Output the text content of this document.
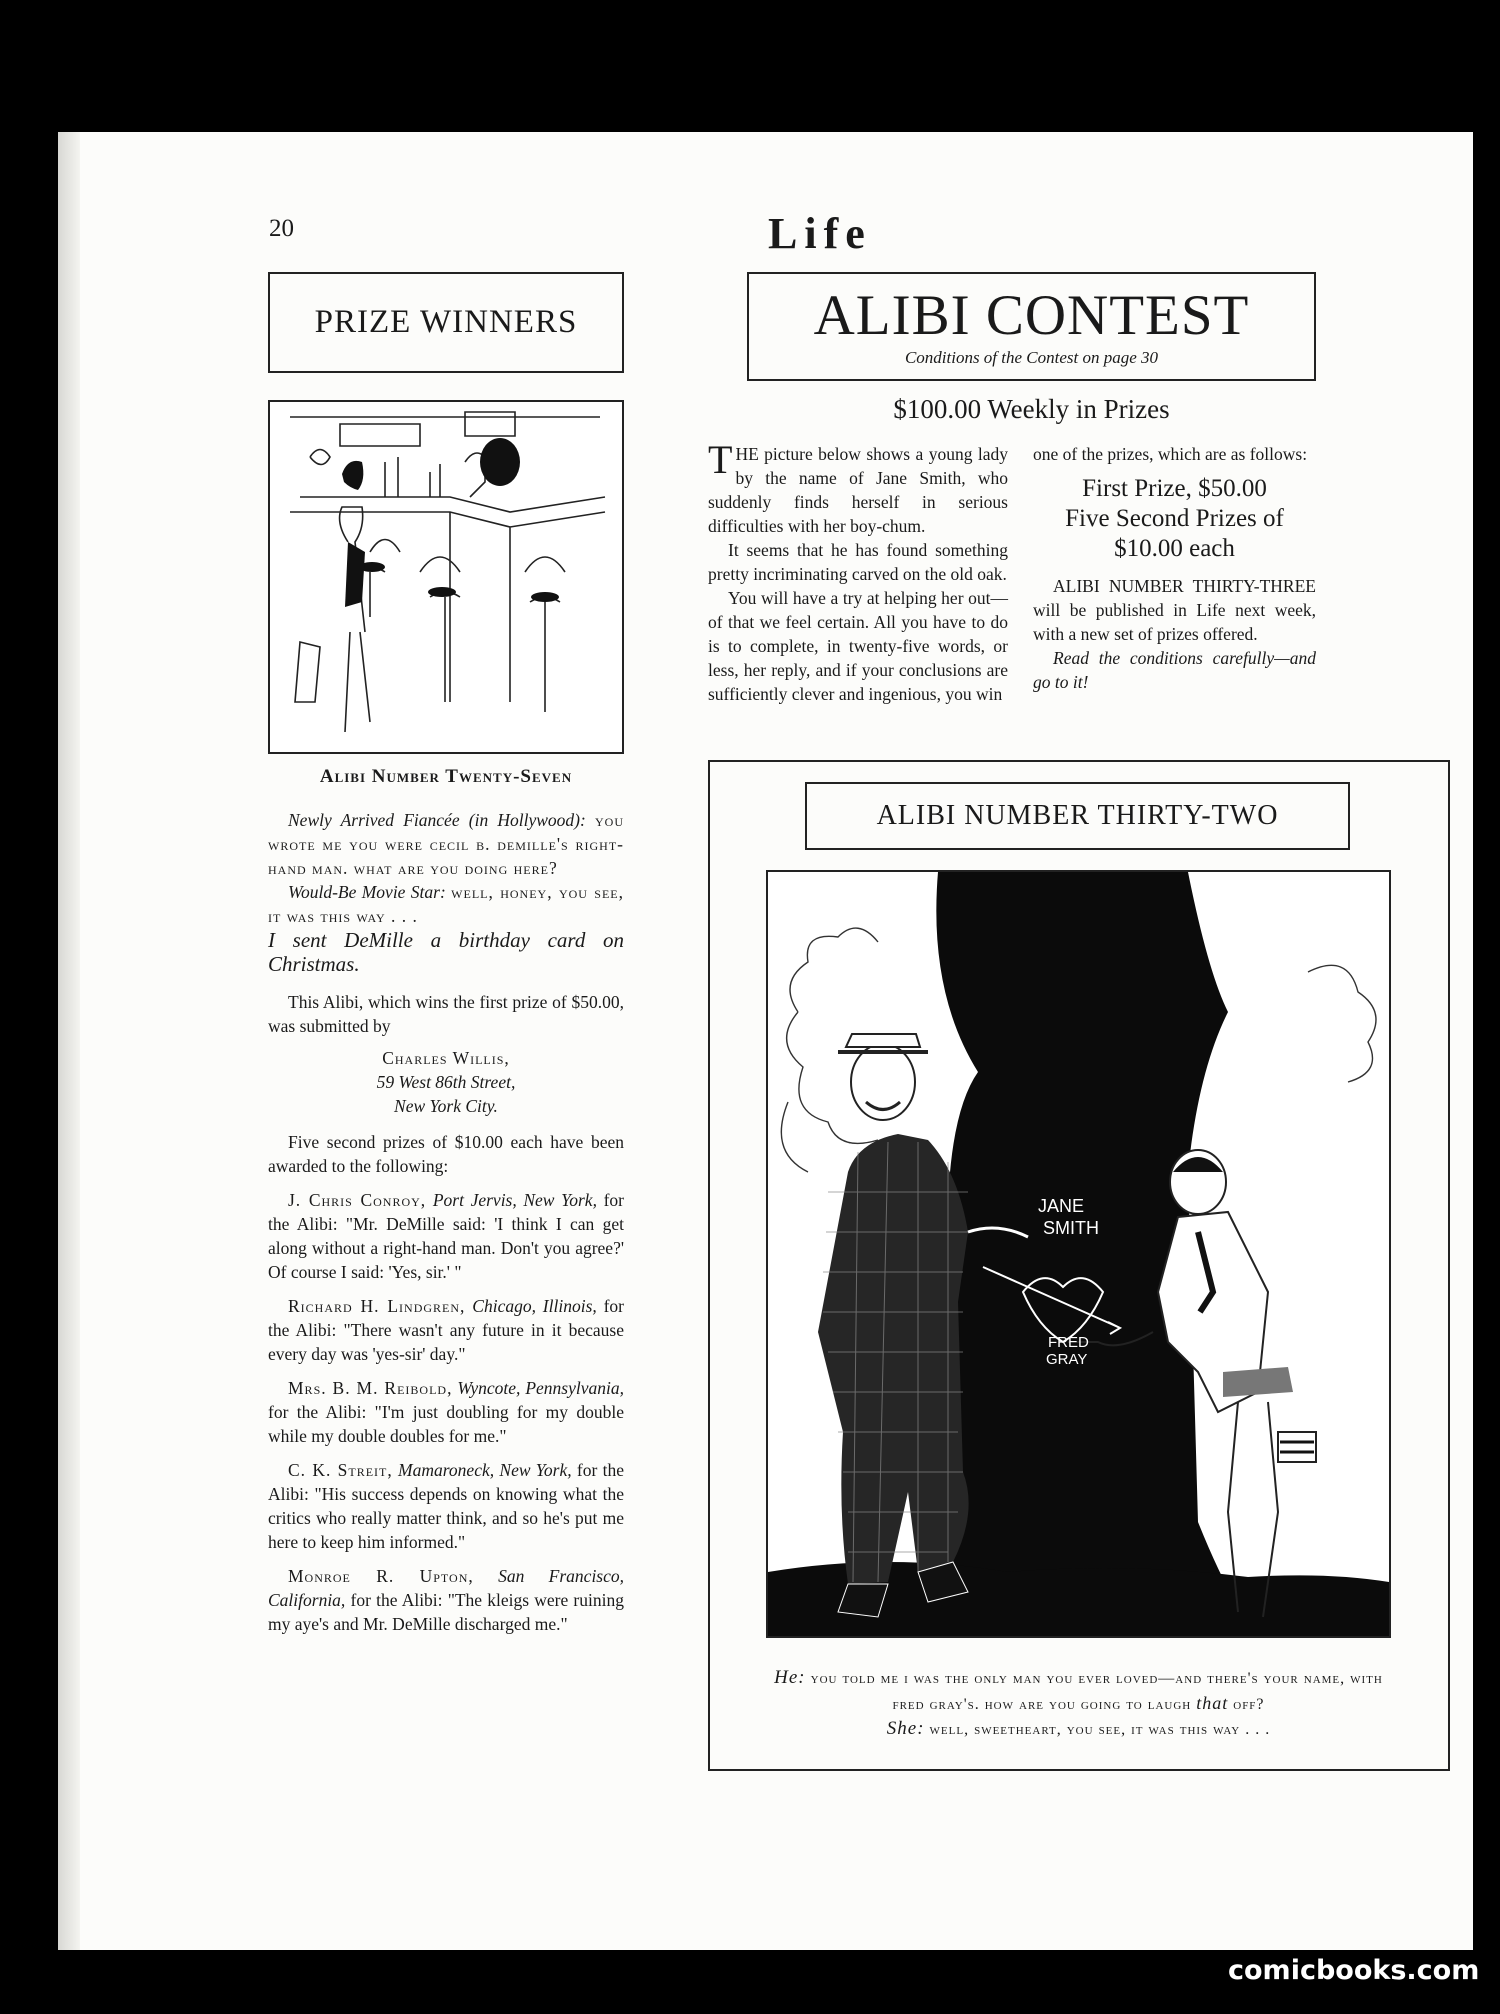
20	Life
PRIZE WINNERS	ALIBI CONTEST
Conditions of the Contest on page 30
$100.00 Weekly in Prizes
Alibi Number Twenty-Seven

Newly Arrived Fiancée (in Hollywood): you wrote me you were cecil b. demille's right-hand man. what are you doing here?

Would-Be Movie Star: well, honey, you see, it was this way . . .

I sent DeMille a birthday card on Christmas.

This Alibi, which wins the first prize of $50.00, was submitted by

Charles Willis,

59 West 86th Street,

New York City.

Five second prizes of $10.00 each have been awarded to the following:

J. Chris Conroy, Port Jervis, New York, for the Alibi: "Mr. DeMille said: 'I think I can get along without a right-hand man. Don't you agree?' Of course I said: 'Yes, sir.' "

Richard H. Lindgren, Chicago, Illinois, for the Alibi: "There wasn't any future in it because every day was 'yes-sir' day."

Mrs. B. M. Reibold, Wyncote, Pennsylvania, for the Alibi: "I'm just doubling for my double while my double doubles for me."

C. K. Streit, Mamaroneck, New York, for the Alibi: "His success depends on knowing what the critics who really matter think, and so he's put me here to keep him informed."

Monroe R. Upton, San Francisco, California, for the Alibi: "The kleigs were ruining my aye's and Mr. DeMille discharged me."

T HE picture below shows a young lady by the name of Jane Smith, who suddenly finds herself in serious difficulties with her boy-chum.

It seems that he has found something pretty incriminating carved on the old oak.

You will have a try at helping her out—of that we feel certain. All you have to do is to complete, in twenty-five words, or less, her reply, and if your conclusions are sufficiently clever and ingenious, you win

one of the prizes, which are as follows:

First Prize, $50.00
Five Second Prizes of
$10.00 each

ALIBI NUMBER THIRTY-THREE will be published in Life next week, with a new set of prizes offered.

Read the conditions carefully—and go to it!

ALIBI NUMBER THIRTY-TWO
JANE
SMITH
FRED
GRAY
He: you told me i was the only man you ever loved—and there's your name, with fred gray's. how are you going to laugh that off?
She: well, sweetheart, you see, it was this way . . .
comicbooks.com
